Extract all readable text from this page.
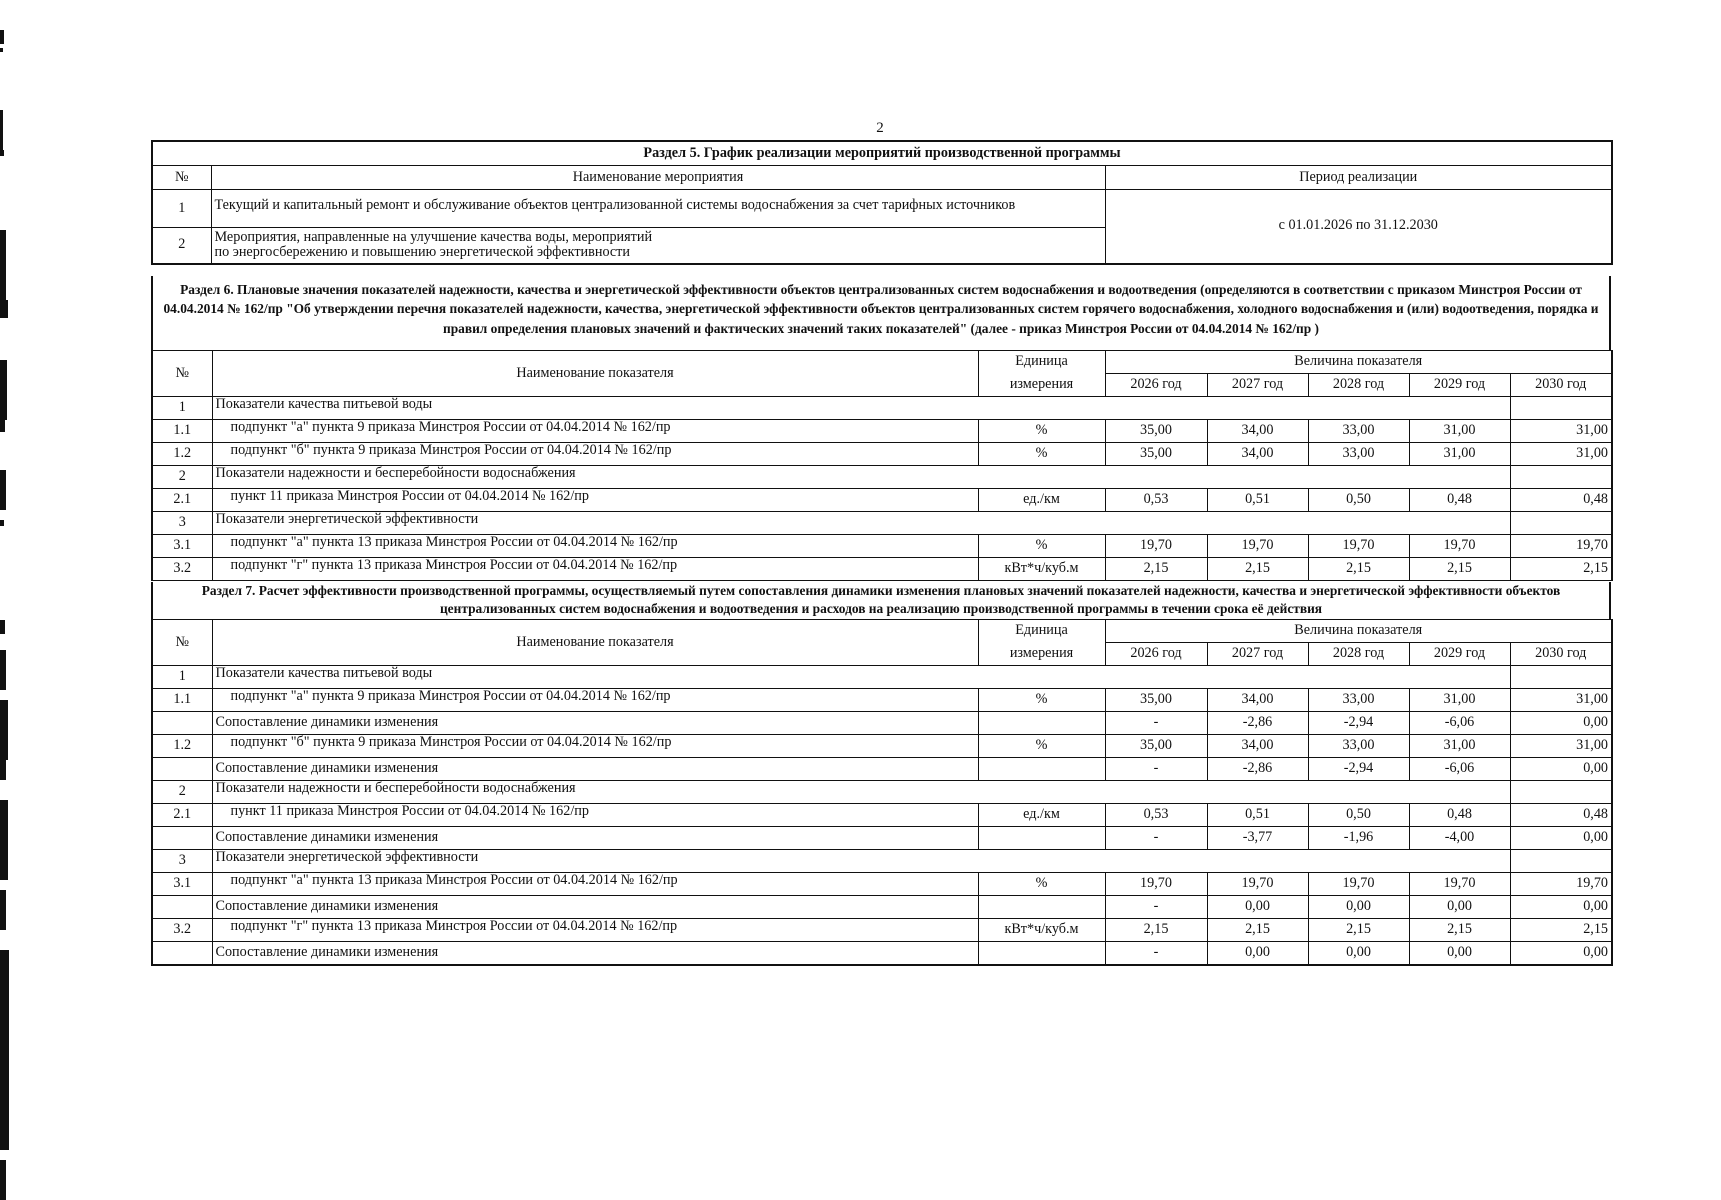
2
Раздел 5. График реализации мероприятий производственной программы		
№	Наименование мероприятия	Период реализации
1	Текущий и капитальный ремонт и обслуживание объектов централизованной системы водоснабжения за счет тарифных источников	с 01.01.2026 по 31.12.2030
2	Мероприятия, направленные на улучшение качества воды, мероприятий
по энергосбережению и повышению энергетической эффективности	
Раздел 6. Плановые значения показателей надежности, качества и энергетической эффективности объектов централизованных систем водоснабжения и водоотведения (определяются в соответствии с приказом Минстроя России от 04.04.2014 № 162/пр "Об утверждении перечня показателей надежности, качества, энергетической эффективности объектов централизованных систем горячего водоснабжения, холодного водоснабжения и (или) водоотведения, порядка и правил определения плановых значений и фактических значений таких показателей" (далее - приказ Минстроя России от 04.04.2014 № 162/пр )
№	Наименование показателя	Единица	Величина показателя				
		измерения	2026 год	2027 год	2028 год	2029 год	2030 год
1	Показатели качества питьевой воды						
1.1	подпункт "а" пункта 9 приказа Минстроя России от 04.04.2014 № 162/пр	%	35,00	34,00	33,00	31,00	31,00
1.2	подпункт "б" пункта 9 приказа Минстроя России от 04.04.2014 № 162/пр	%	35,00	34,00	33,00	31,00	31,00
2	Показатели надежности и бесперебойности водоснабжения						
2.1	пункт 11 приказа Минстроя России от 04.04.2014 № 162/пр	ед./км	0,53	0,51	0,50	0,48	0,48
3	Показатели энергетической эффективности						
3.1	подпункт "а" пункта 13 приказа Минстроя России от 04.04.2014 № 162/пр	%	19,70	19,70	19,70	19,70	19,70
3.2	подпункт "г" пункта 13 приказа Минстроя России от 04.04.2014 № 162/пр	кВт*ч/куб.м	2,15	2,15	2,15	2,15	2,15
Раздел 7. Расчет эффективности производственной программы, осуществляемый путем сопоставления динамики изменения плановых значений показателей надежности, качества и энергетической эффективности объектов централизованных систем водоснабжения и водоотведения и расходов на реализацию производственной программы в течении срока её действия
№	Наименование показателя	Единица	Величина показателя				
		измерения	2026 год	2027 год	2028 год	2029 год	2030 год
1	Показатели качества питьевой воды						
1.1	подпункт "а" пункта 9 приказа Минстроя России от 04.04.2014 № 162/пр	%	35,00	34,00	33,00	31,00	31,00
	Сопоставление динамики изменения		-	-2,86	-2,94	-6,06	0,00
1.2	подпункт "б" пункта 9 приказа Минстроя России от 04.04.2014 № 162/пр	%	35,00	34,00	33,00	31,00	31,00
	Сопоставление динамики изменения		-	-2,86	-2,94	-6,06	0,00
2	Показатели надежности и бесперебойности водоснабжения						
2.1	пункт 11 приказа Минстроя России от 04.04.2014 № 162/пр	ед./км	0,53	0,51	0,50	0,48	0,48
	Сопоставление динамики изменения		-	-3,77	-1,96	-4,00	0,00
3	Показатели энергетической эффективности						
3.1	подпункт "а" пункта 13 приказа Минстроя России от 04.04.2014 № 162/пр	%	19,70	19,70	19,70	19,70	19,70
	Сопоставление динамики изменения		-	0,00	0,00	0,00	0,00
3.2	подпункт "г" пункта 13 приказа Минстроя России от 04.04.2014 № 162/пр	кВт*ч/куб.м	2,15	2,15	2,15	2,15	2,15
	Сопоставление динамики изменения		-	0,00	0,00	0,00	0,00
